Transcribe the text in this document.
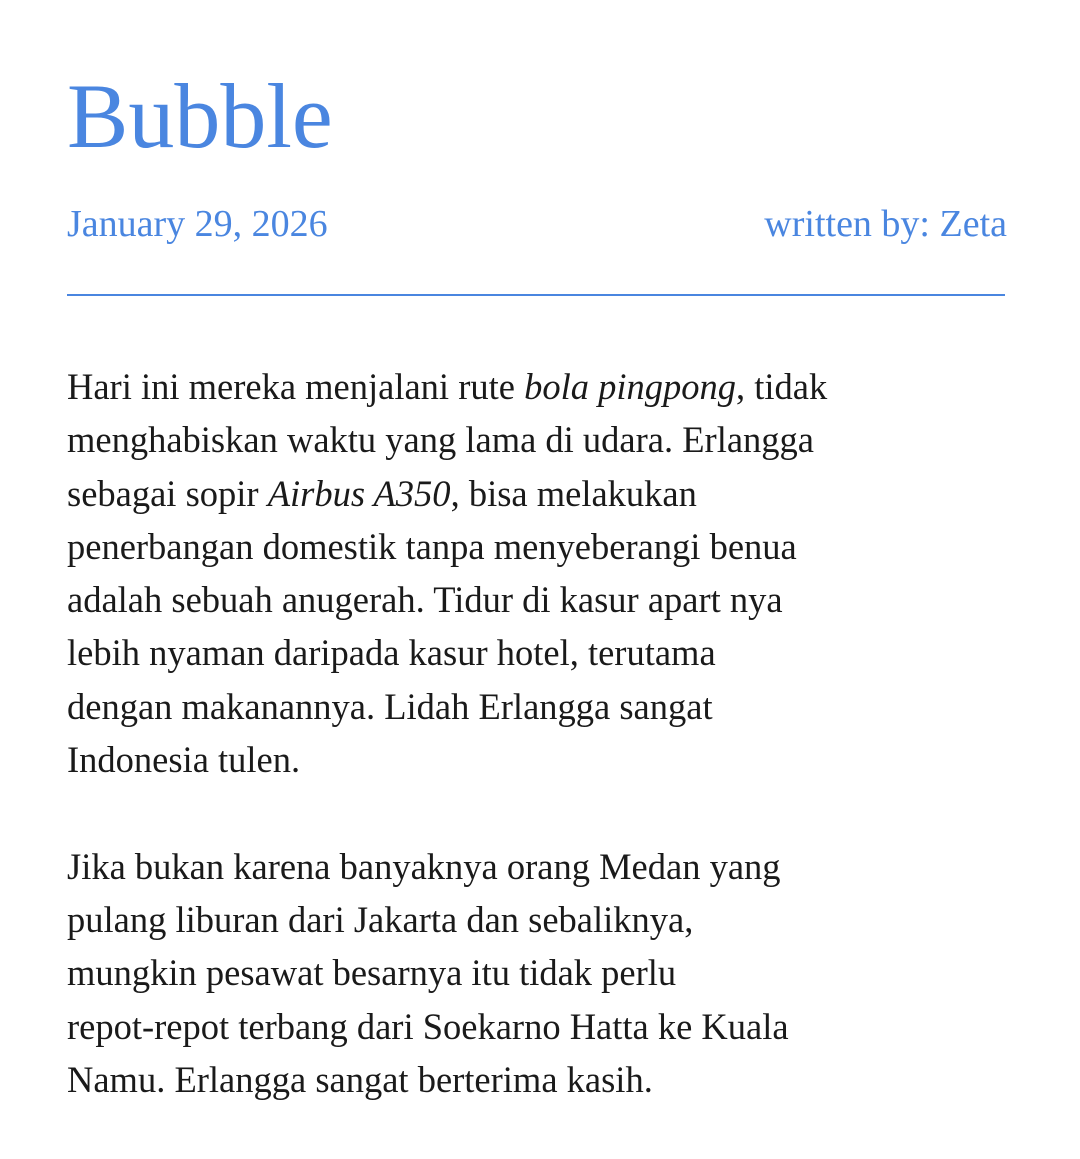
Bubble
January 29, 2026	written by: Zeta

Hari ini mereka menjalani rute bola pingpong, tidak
menghabiskan waktu yang lama di udara. Erlangga
sebagai sopir Airbus A350, bisa melakukan
penerbangan domestik tanpa menyeberangi benua
adalah sebuah anugerah. Tidur di kasur apart nya
lebih nyaman daripada kasur hotel, terutama
dengan makanannya. Lidah Erlangga sangat
Indonesia tulen.

Jika bukan karena banyaknya orang Medan yang
pulang liburan dari Jakarta dan sebaliknya,
mungkin pesawat besarnya itu tidak perlu
repot-repot terbang dari Soekarno Hatta ke Kuala
Namu. Erlangga sangat berterima kasih.
